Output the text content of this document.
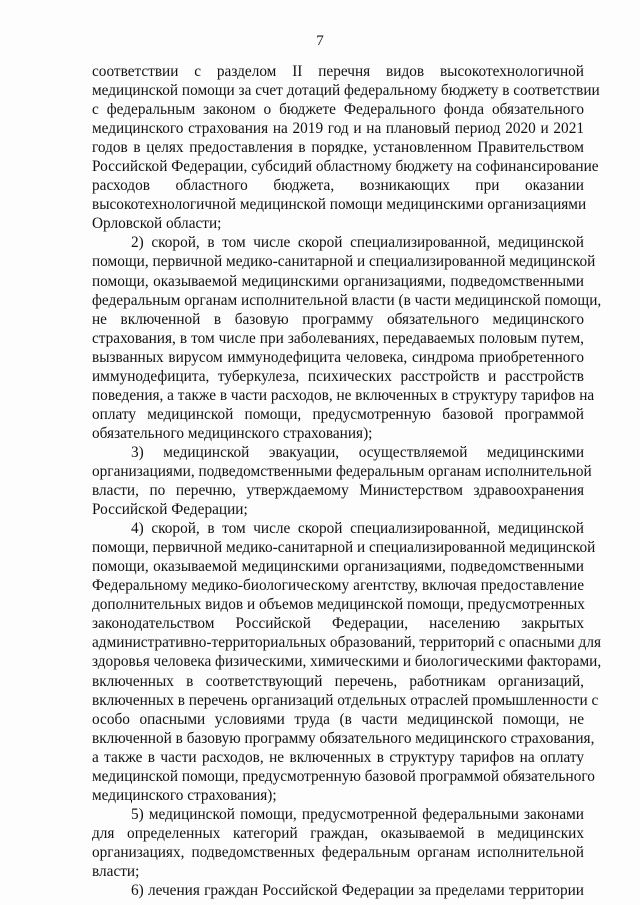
7
соответствии с разделом II перечня видов высокотехнологичной
медицинской помощи за счет дотаций федеральному бюджету в соответствии
с федеральным законом о бюджете Федерального фонда обязательного
медицинского страхования на 2019 год и на плановый период 2020 и 2021
годов в целях предоставления в порядке, установленном Правительством
Российской Федерации, субсидий областному бюджету на софинансирование
расходов областного бюджета, возникающих при оказании
высокотехнологичной медицинской помощи медицинскими организациями
Орловской области;
2) скорой, в том числе скорой специализированной, медицинской
помощи, первичной медико-санитарной и специализированной медицинской
помощи, оказываемой медицинскими организациями, подведомственными
федеральным органам исполнительной власти (в части медицинской помощи,
не включенной в базовую программу обязательного медицинского
страхования, в том числе при заболеваниях, передаваемых половым путем,
вызванных вирусом иммунодефицита человека, синдрома приобретенного
иммунодефицита, туберкулеза, психических расстройств и расстройств
поведения, а также в части расходов, не включенных в структуру тарифов на
оплату медицинской помощи, предусмотренную базовой программой
обязательного медицинского страхования);
3) медицинской эвакуации, осуществляемой медицинскими
организациями, подведомственными федеральным органам исполнительной
власти, по перечню, утверждаемому Министерством здравоохранения
Российской Федерации;
4) скорой, в том числе скорой специализированной, медицинской
помощи, первичной медико-санитарной и специализированной медицинской
помощи, оказываемой медицинскими организациями, подведомственными
Федеральному медико-биологическому агентству, включая предоставление
дополнительных видов и объемов медицинской помощи, предусмотренных
законодательством Российской Федерации, населению закрытых
административно-территориальных образований, территорий с опасными для
здоровья человека физическими, химическими и биологическими факторами,
включенных в соответствующий перечень, работникам организаций,
включенных в перечень организаций отдельных отраслей промышленности с
особо опасными условиями труда (в части медицинской помощи, не
включенной в базовую программу обязательного медицинского страхования,
а также в части расходов, не включенных в структуру тарифов на оплату
медицинской помощи, предусмотренную базовой программой обязательного
медицинского страхования);
5) медицинской помощи, предусмотренной федеральными законами
для определенных категорий граждан, оказываемой в медицинских
организациях, подведомственных федеральным органам исполнительной
власти;
6) лечения граждан Российской Федерации за пределами территории
